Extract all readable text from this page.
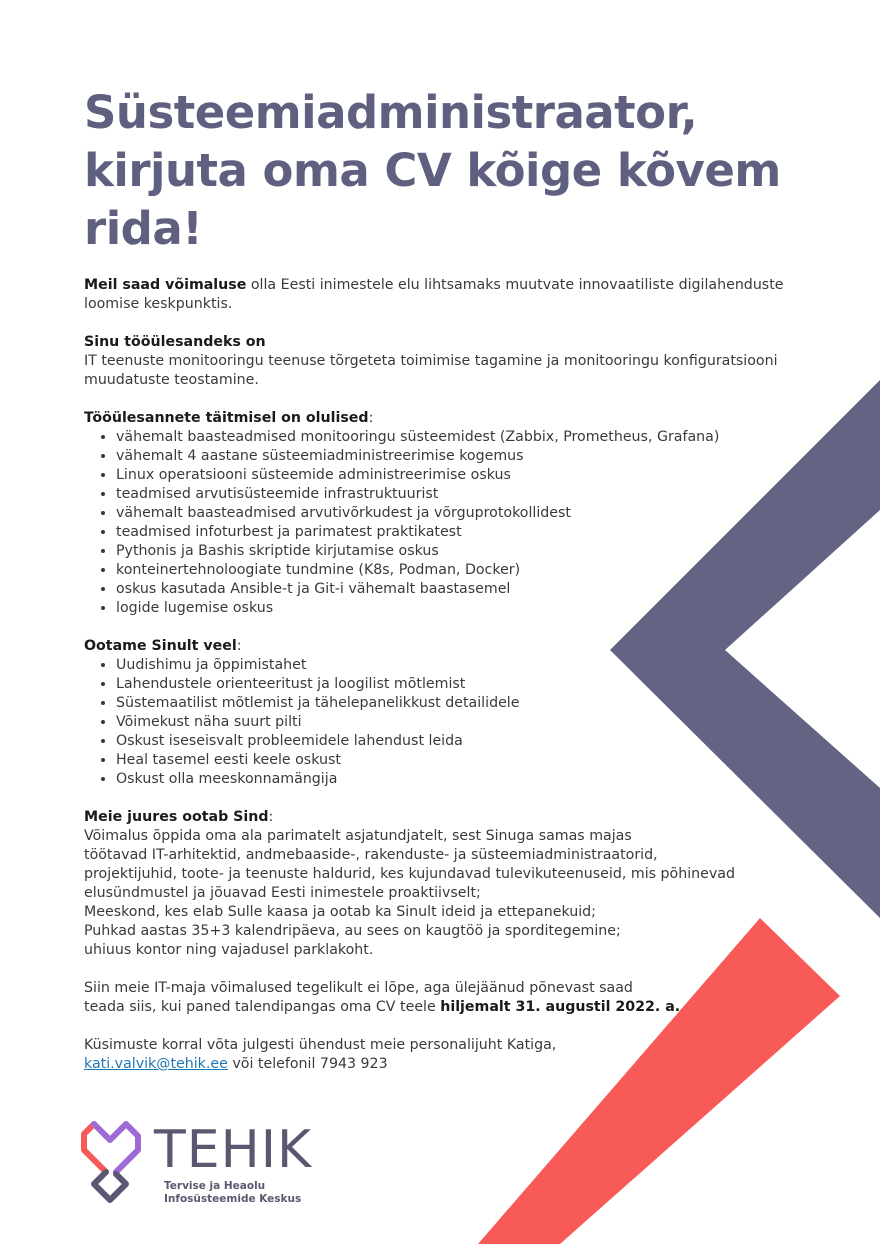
Süsteemiadministraator, kirjuta oma CV kõige kõvem rida!

Meil saad võimaluse olla Eesti inimestele elu lihtsamaks muutvate innovaatiliste digilahenduste loomise keskpunktis.

Sinu tööülesandeks on

IT teenuste monitooringu teenuse tõrgeteta toimimise tagamine ja monitooringu konfiguratsiooni muudatuste teostamine.

Tööülesannete täitmisel on olulised:

• vähemalt baasteadmised monitooringu süsteemidest (Zabbix, Prometheus, Grafana)
• vähemalt 4 aastane süsteemiadministreerimise kogemus
• Linux operatsiooni süsteemide administreerimise oskus
• teadmised arvutisüsteemide infrastruktuurist
• vähemalt baasteadmised arvutivõrkudest ja võrguprotokollidest
• teadmised infoturbest ja parimatest praktikatest
• Pythonis ja Bashis skriptide kirjutamise oskus
• konteinertehnoloogiate tundmine (K8s, Podman, Docker)
• oskus kasutada Ansible-t ja Git-i vähemalt baastasemel
• logide lugemise oskus

Ootame Sinult veel:

• Uudishimu ja õppimistahet
• Lahendustele orienteeritust ja loogilist mõtlemist
• Süstemaatilist mõtlemist ja tähelepanelikkust detailidele
• Võimekust näha suurt pilti
• Oskust iseseisvalt probleemidele lahendust leida
• Heal tasemel eesti keele oskust
• Oskust olla meeskonnamängija

Meie juures ootab Sind:

Võimalus õppida oma ala parimatelt asjatundjatelt, sest Sinuga samas majas

töötavad IT-arhitektid, andmebaaside-, rakenduste- ja süsteemiadministraatorid,

projektijuhid, toote- ja teenuste haldurid, kes kujundavad tulevikuteenuseid, mis põhinevad

elusündmustel ja jõuavad Eesti inimestele proaktiivselt;

Meeskond, kes elab Sulle kaasa ja ootab ka Sinult ideid ja ettepanekuid;

Puhkad aastas 35+3 kalendripäeva, au sees on kaugtöö ja sporditegemine;

uhiuus kontor ning vajadusel parklakoht.

Siin meie IT-maja võimalused tegelikult ei lõpe, aga ülejäänud põnevast saad

teada siis, kui paned talendipangas oma CV teele hiljemalt 31. augustil 2022. a.

Küsimuste korral võta julgesti ühendust meie personalijuht Katiga,

kati.valvik@tehik.ee või telefonil 7943 923

TEHIK
Tervise ja Heaolu
Infosüsteemide Keskus
